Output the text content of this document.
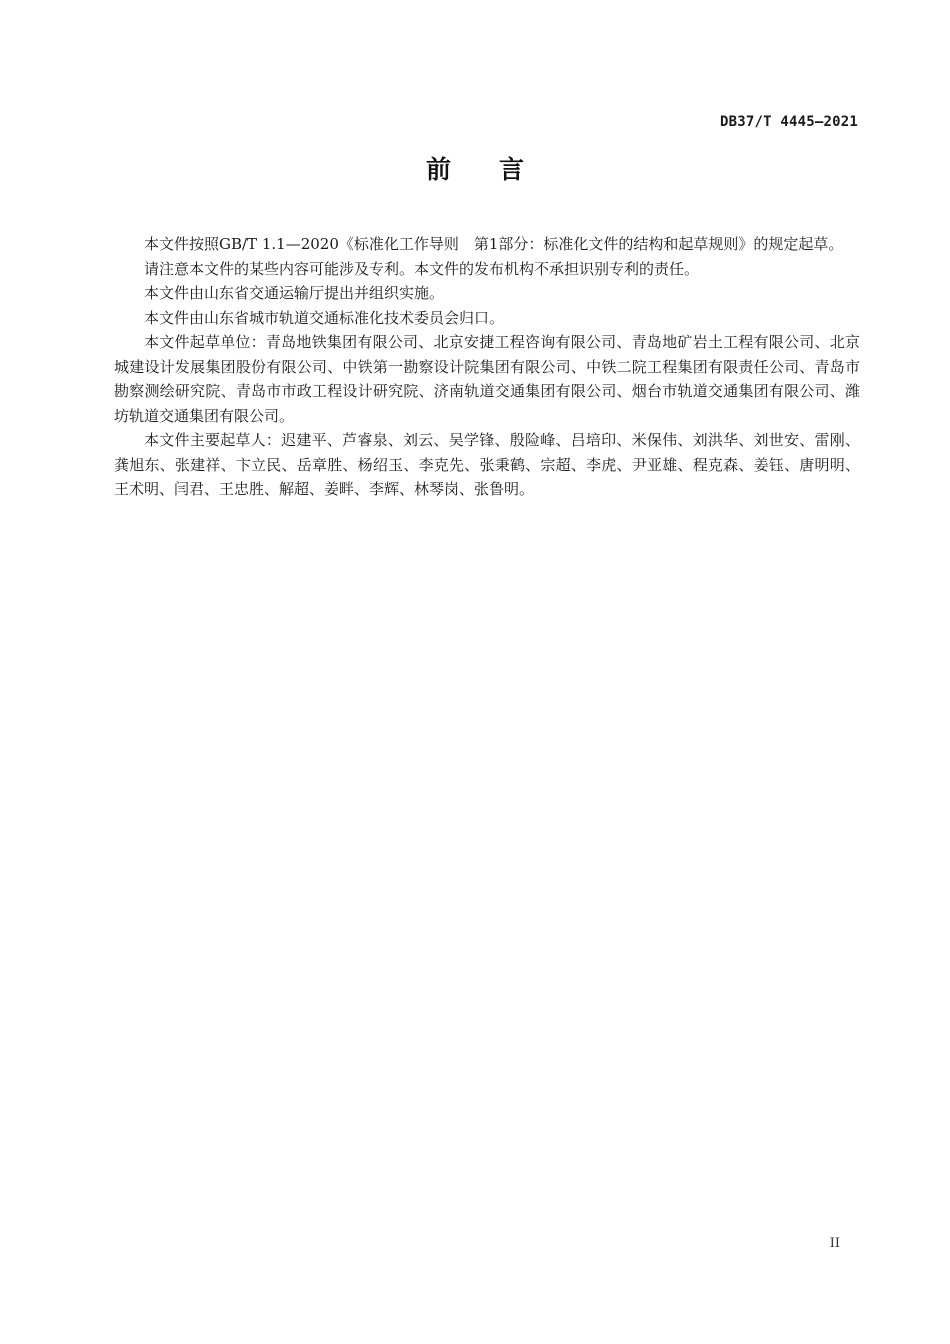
DB37/T 4445—2021
前言

本文件按照GB/T 1.1—2020《标准化工作导则　第1部分：标准化文件的结构和起草规则》的规定起草。

请注意本文件的某些内容可能涉及专利。本文件的发布机构不承担识别专利的责任。

本文件由山东省交通运输厅提出并组织实施。

本文件由山东省城市轨道交通标准化技术委员会归口。

本文件起草单位：青岛地铁集团有限公司、北京安捷工程咨询有限公司、青岛地矿岩土工程有限公司、北京城建设计发展集团股份有限公司、中铁第一勘察设计院集团有限公司、中铁二院工程集团有限责任公司、青岛市勘察测绘研究院、青岛市市政工程设计研究院、济南轨道交通集团有限公司、烟台市轨道交通集团有限公司、潍坊轨道交通集团有限公司。

本文件主要起草人：迟建平、芦睿泉、刘云、吴学锋、殷险峰、吕培印、米保伟、刘洪华、刘世安、雷刚、龚旭东、张建祥、卞立民、岳章胜、杨绍玉、李克先、张秉鹤、宗超、李虎、尹亚雄、程克森、姜钰、唐明明、王术明、闫君、王忠胜、解超、姜畔、李辉、林琴岗、张鲁明。

II
